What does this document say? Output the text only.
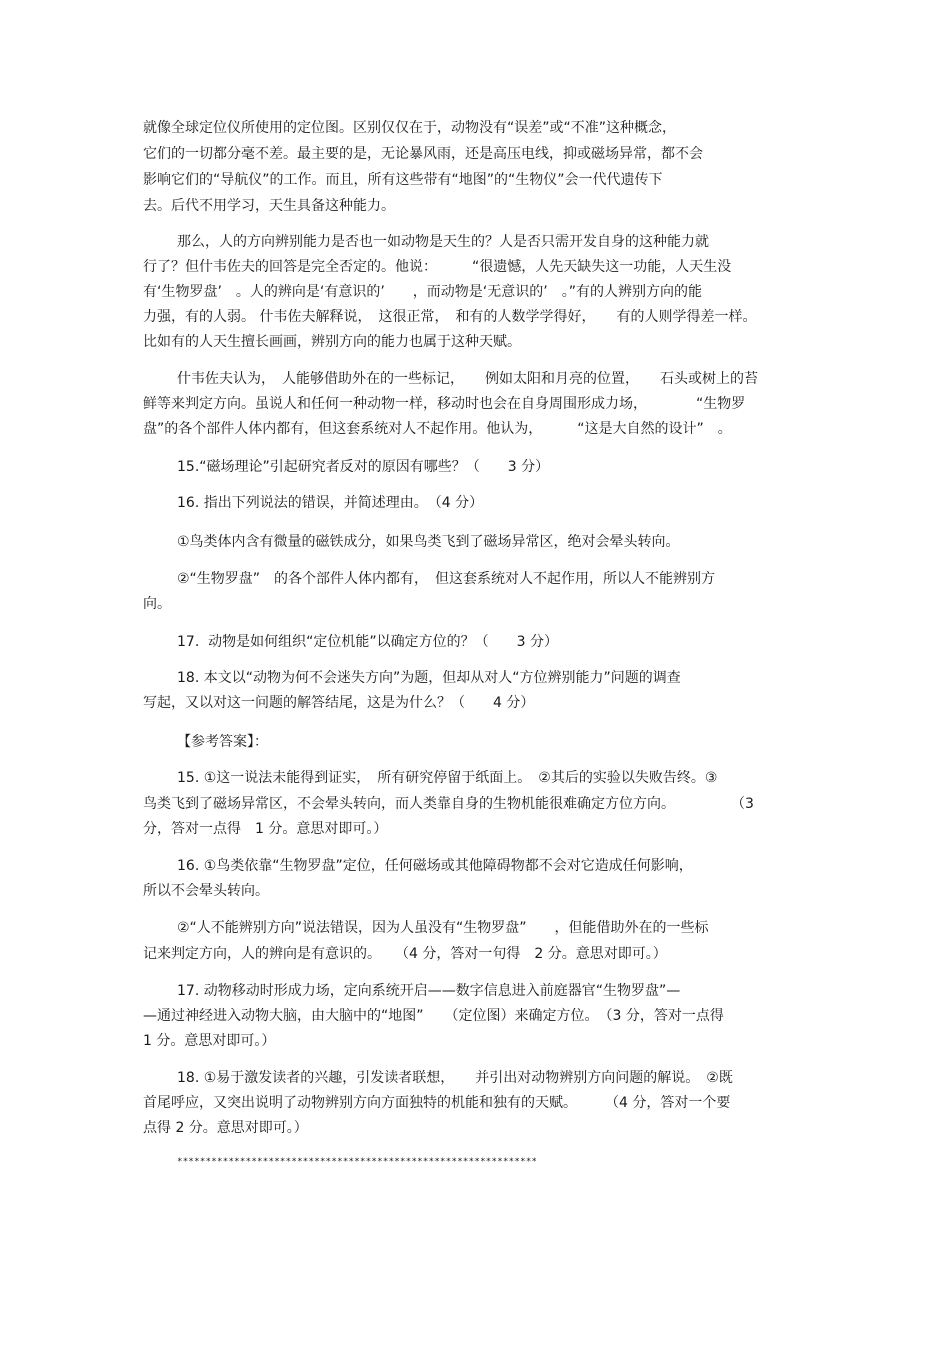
就像全球定位仪所使用的定位图。区别仅仅在于，动物没有“误差”或“不准”这种概念，
它们的一切都分毫不差。最主要的是，无论暴风雨，还是高压电线，抑或磁场异常，都不会
影响它们的“导航仪”的工作。而且，所有这些带有“地图”的“生物仪”会一代代遗传下
去。后代不用学习，天生具备这种能力。
那么，人的方向辨别能力是否也一如动物是天生的？人是否只需开发自身的这种能力就
行了？但什韦佐夫的回答是完全否定的。他说：　　　“很遗憾，人先天缺失这一功能，人天生没
有‘生物罗盘’　。人的辨向是‘有意识的’　　，而动物是‘无意识的’　。”有的人辨别方向的能
力强，有的人弱。 什韦佐夫解释说，　这很正常，　和有的人数学学得好，　　有的人则学得差一样。
比如有的人天生擅长画画，辨别方向的能力也属于这种天赋。
什韦佐夫认为，　人能够借助外在的一些标记，　　例如太阳和月亮的位置，　　石头或树上的苔
鲜等来判定方向。虽说人和任何一种动物一样，移动时也会在自身周围形成力场，　　　　“生物罗
盘”的各个部件人体内都有，但这套系统对人不起作用。他认为，　　　“这是大自然的设计”　。
15.“磁场理论”引起研究者反对的原因有哪些？（　　3 分）
16. 指出下列说法的错误，并简述理由。　（4 分）
①鸟类体内含有微量的磁铁成分，如果鸟类飞到了磁场异常区，绝对会晕头转向。
②“生物罗盘”　的各个部件人体内都有，　但这套系统对人不起作用，所以人不能辨别方
向。
17.  动物是如何组织“定位机能”以确定方位的？（　　3 分）
18. 本文以“动物为何不会迷失方向”为题，但却从对人“方位辨别能力”问题的调查
写起，又以对这一问题的解答结尾，这是为什么？（　　4 分）
【参考答案】：
15. ①这一说法未能得到证实，　所有研究停留于纸面上。　②其后的实验以失败告终。③
鸟类飞到了磁场异常区，不会晕头转向，而人类靠自身的生物机能很难确定方位方向。　　　　　（3
分，答对一点得　1 分。意思对即可。）
16. ①鸟类依靠“生物罗盘”定位，任何磁场或其他障碍物都不会对它造成任何影响，
所以不会晕头转向。
②“人不能辨别方向”说法错误，因为人虽没有“生物罗盘”　　，但能借助外在的一些标
记来判定方向，人的辨向是有意识的。　　（4 分，答对一句得　2 分。意思对即可。）
17. 动物移动时形成力场，定向系统开启——数字信息进入前庭器官“生物罗盘”—
—通过神经进入动物大脑，由大脑中的“地图”　　（定位图）来确定方位。　（3 分，答对一点得
1 分。意思对即可。）
18. ①易于激发读者的兴趣，引发读者联想，　　并引出对动物辨别方向问题的解说。　②既
首尾呼应，又突出说明了动物辨别方向方面独特的机能和独有的天赋。　　　（4 分，答对一个要
点得 2 分。意思对即可。）
***************************************************************
